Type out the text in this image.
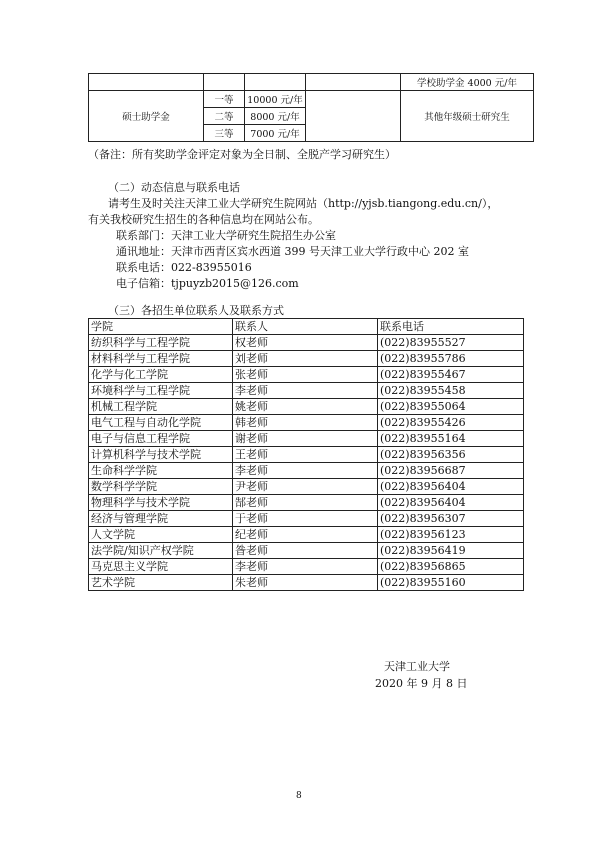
				学校助学金 4000 元/年
硕士助学金	一等	10000 元/年		其他年级硕士研究生
	二等	8000 元/年		
	三等	7000 元/年		
（备注：所有奖助学金评定对象为全日制、全脱产学习研究生）
（二）动态信息与联系电话
请考生及时关注天津工业大学研究生院网站（http://yjsb.tiangong.edu.cn/），
有关我校研究生招生的各种信息均在网站公布。
联系部门：天津工业大学研究生院招生办公室
通讯地址：天津市西青区宾水西道 399 号天津工业大学行政中心 202 室
联系电话：022-83955016
电子信箱：tjpuyzb2015@126.com
（三）各招生单位联系人及联系方式
学院	联系人	联系电话
纺织科学与工程学院	权老师	(022)83955527
材料科学与工程学院	刘老师	(022)83955786
化学与化工学院	张老师	(022)83955467
环境科学与工程学院	李老师	(022)83955458
机械工程学院	姚老师	(022)83955064
电气工程与自动化学院	韩老师	(022)83955426
电子与信息工程学院	谢老师	(022)83955164
计算机科学与技术学院	王老师	(022)83956356
生命科学学院	李老师	(022)83956687
数学科学学院	尹老师	(022)83956404
物理科学与技术学院	郜老师	(022)83956404
经济与管理学院	于老师	(022)83956307
人文学院	纪老师	(022)83956123
法学院/知识产权学院	昝老师	(022)83956419
马克思主义学院	李老师	(022)83956865
艺术学院	朱老师	(022)83955160
天津工业大学
2020 年 9 月 8 日
8
